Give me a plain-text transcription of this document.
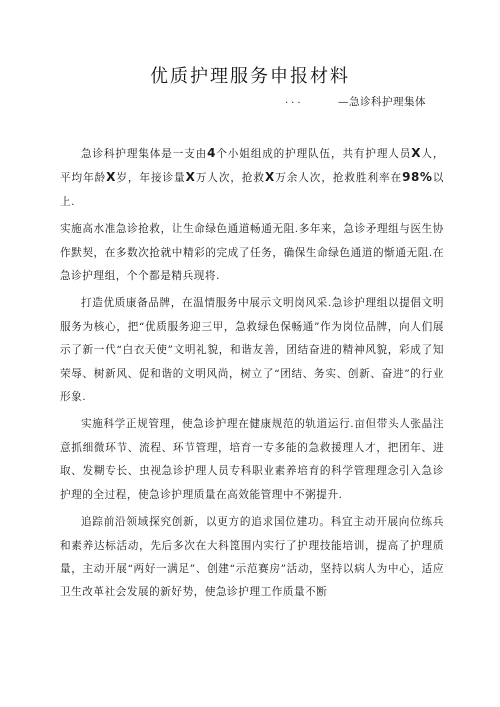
优质护理服务申报材料
...	—急诊科护理集体

急诊科护理集体是一支由4个小姐组成的护理队伍，共有护理人员X人，平均年龄X岁，年接诊量X万人次，抢救X万余人次，抢救胜利率在98%以上.

实施高水准急诊抢救，让生命绿色通道畅通无阻.多年来，急诊矛理组与医生协作默契，在多数次抢就中精彩的完成了任务，确保生命绿色通道的惭通无阻.在急诊护理组，个个都是精兵现将.

打造优质康备品牌，在温情服务中展示文明岗风采.急诊护理组以提倡文明服务为核心，把“优质服务迎三甲，急救绿色保畅通”作为岗位品牌，向人们展示了新一代“白衣天使”文明礼貌，和谐友善，团结奋进的精神风貌，彩成了知荣辱、树新风、促和谐的文明风尚，树立了“团结、务实、创新、奋进”的行业形象.

实施科学正规管理，使急诊护理在健康规范的轨道运行.亩但带头人张晶注意抓细微环节、流程、环节管理，培育一专多能的急救援理人才，把团年、进取、发糊专长、虫视急诊护理人员专科职业素养培育的科学管理理念引入急诊护理的全过程，使急诊护理质量在高效能管理中不粥提升.

追踪前沿领域探究创新，以更方的追求国位建功。科宜主动开展向位练兵和素养达标活动，先后多次在大科箆围内实行了护理技能培训，提高了护理质量，主动开展“两好一满足”、创建“示范赛房”活动，坚持以病人为中心，适应卫生改革社会发展的新好势，使急诊护理工作质量不断
